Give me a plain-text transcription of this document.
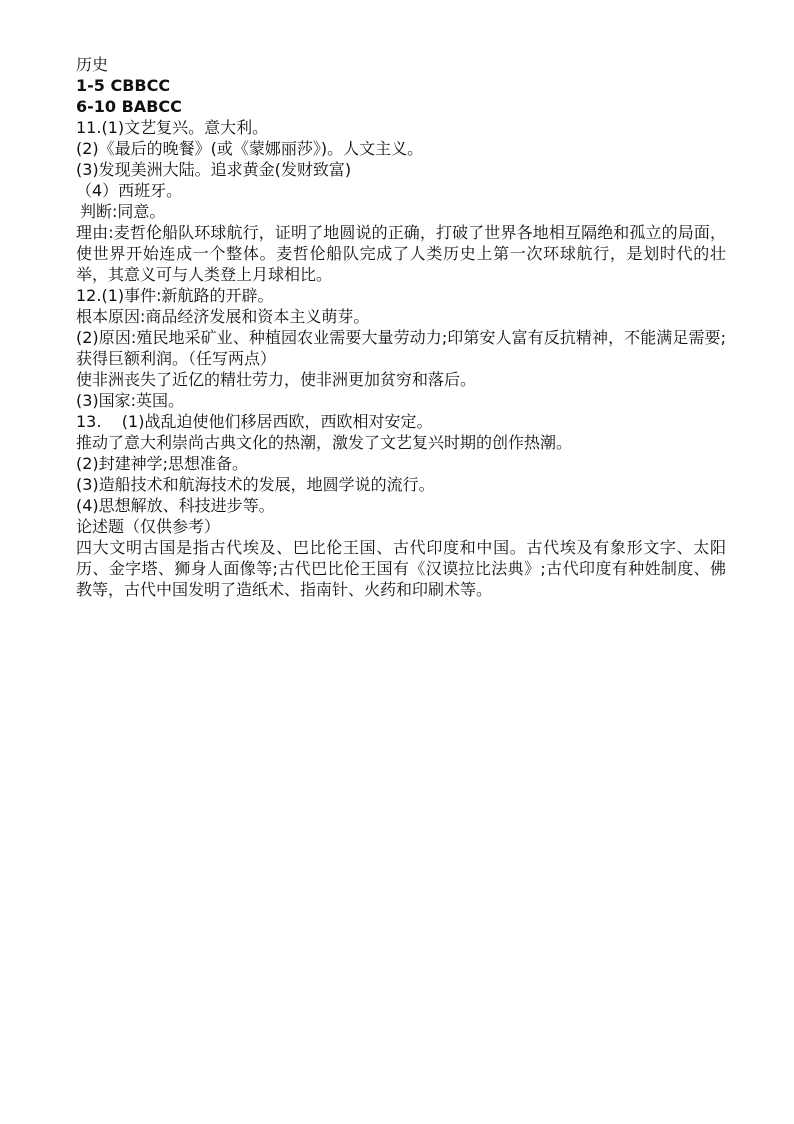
历史

1-5 CBBCC

6-10 BABCC

11.(1)文艺复兴。意大利。

(2)《最后的晚餐》(或《蒙娜丽莎》)。人文主义。

(3)发现美洲大陆。追求黄金(发财致富)

（4）西班牙。

判断:同意。

理由:麦哲伦船队环球航行，证明了地圆说的正确，打破了世界各地相互隔绝和孤立的局面，使世界开始连成一个整体。麦哲伦船队完成了人类历史上第一次环球航行，是划时代的壮举，其意义可与人类登上月球相比。

12.(1)事件:新航路的开辟。

根本原因:商品经济发展和资本主义萌芽。

(2)原因:殖民地采矿业、种植园农业需要大量劳动力;印第安人富有反抗精神，不能满足需要;获得巨额利润。（任写两点）

使非洲丧失了近亿的精壮劳力，使非洲更加贫穷和落后。

(3)国家:英国。

13.    (1)战乱迫使他们移居西欧，西欧相对安定。

推动了意大利崇尚古典文化的热潮，激发了文艺复兴时期的创作热潮。

(2)封建神学;思想准备。

(3)造船技术和航海技术的发展，地圆学说的流行。

(4)思想解放、科技进步等。

论述题（仅供参考）

四大文明古国是指古代埃及、巴比伦王国、古代印度和中国。古代埃及有象形文字、太阳历、金字塔、狮身人面像等;古代巴比伦王国有《汉谟拉比法典》;古代印度有种姓制度、佛教等，古代中国发明了造纸术、指南针、火药和印刷术等。
